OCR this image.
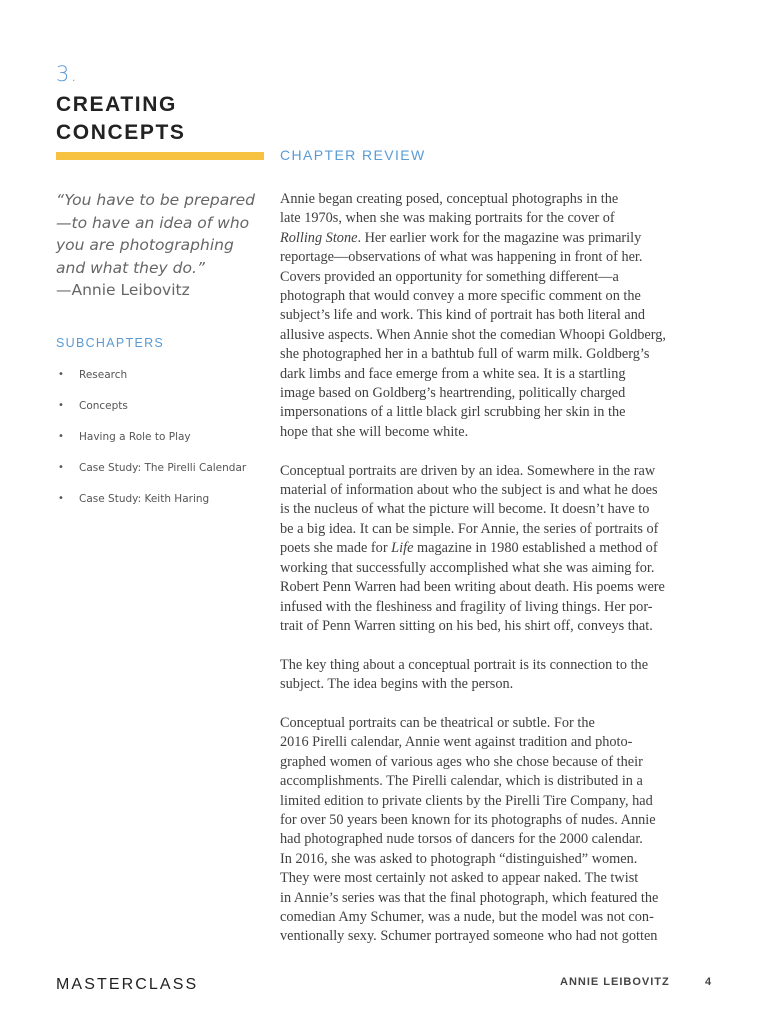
3.
CREATING
CONCEPTS
CHAPTER REVIEW
“You have to be prepared—to have an idea of who you are photographing and what they do.”
—Annie Leibovitz
SUBCHAPTERS
• Research
• Concepts
• Having a Role to Play
• Case Study: The Pirelli Calendar
• Case Study: Keith Haring

Annie began creating posed, conceptual photographs in the
late 1970s, when she was making portraits for the cover of
Rolling Stone. Her earlier work for the magazine was primarily
reportage—observations of what was happening in front of her.
Covers provided an opportunity for something different—a
photograph that would convey a more specific comment on the
subject’s life and work. This kind of portrait has both literal and
allusive aspects. When Annie shot the comedian Whoopi Goldberg,
she photographed her in a bathtub full of warm milk. Goldberg’s
dark limbs and face emerge from a white sea. It is a startling
image based on Goldberg’s heartrending, politically charged
impersonations of a little black girl scrubbing her skin in the
hope that she will become white.

Conceptual portraits are driven by an idea. Somewhere in the raw
material of information about who the subject is and what he does
is the nucleus of what the picture will become. It doesn’t have to
be a big idea. It can be simple. For Annie, the series of portraits of
poets she made for Life magazine in 1980 established a method of
working that successfully accomplished what she was aiming for.
Robert Penn Warren had been writing about death. His poems were
infused with the fleshiness and fragility of living things. Her por-
trait of Penn Warren sitting on his bed, his shirt off, conveys that.

The key thing about a conceptual portrait is its connection to the
subject. The idea begins with the person.

Conceptual portraits can be theatrical or subtle. For the
2016 Pirelli calendar, Annie went against tradition and photo-
graphed women of various ages who she chose because of their
accomplishments. The Pirelli calendar, which is distributed in a
limited edition to private clients by the Pirelli Tire Company, had
for over 50 years been known for its photographs of nudes. Annie
had photographed nude torsos of dancers for the 2000 calendar.
In 2016, she was asked to photograph “distinguished” women.
They were most certainly not asked to appear naked. The twist
in Annie’s series was that the final photograph, which featured the
comedian Amy Schumer, was a nude, but the model was not con-
ventionally sexy. Schumer portrayed someone who had not gotten

MASTERCLASS	ANNIE LEIBOVITZ	4
